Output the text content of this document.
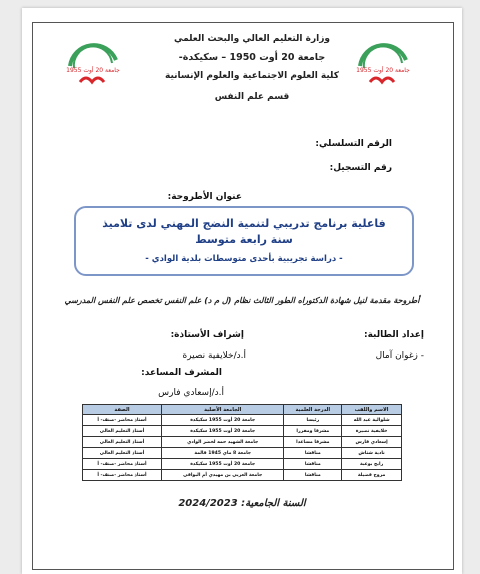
جامعة 20 أوت 1955	جامعة 20 أوت 1955
وزارة التعليم العالي والبحث العلمي
جامعة 20 أوت 1950 – سكيكدة-
كلية العلوم الاجتماعية والعلوم الإنسانية
قسم علم النفس
الرقم التسلسلي:
رقم التسجيل:
عنوان الأطروحة:
فاعلية برنامج تدريبي لتنمية النضج المهني لدى تلاميذ سنة رابعة متوسط
- دراسة تجريبية بأحدى متوسطات بلدية الوادي -
أطروحة مقدمة لنيل شهادة الدكتوراه الطور الثالث نظام (ل م د) علم النفس تخصص علم النفس المدرسي
إعداد الطالبة:
- زغوان آمال
إشراف الأستاذة:
أ.د/خلايفية نصيرة
المشرف المساعد:
أ.د/إسعادي فارس
الاسم واللقب	الدرجة العلمية	الجامعة الأصلية	الصفة
شلوالية عبد الله	رئيسا	جامعة 20 أوت 1955 سكيكدة	أستاذ محاضر -صنف- أ
خلايفية نصيرة	مشرفا ومقررا	جامعة 20 أوت 1955 سكيكدة	أستاذ التعليم العالي
إسعادي فارس	مشرفا مساعدا	جامعة الشهيد حمه لخضر الوادي	أستاذ التعليم العالي
نادية شتاش	مناقشا	جامعة 8 ماي 1945 قالمة	أستاذ التعليم العالي
رابح بوعبة	مناقشا	جامعة 20 أوت 1955 سكيكدة	أستاذ محاضر -صنف- أ
مروج فضيلة	مناقشا	جامعة العربي بن مهيدي أم البواقي	أستاذ محاضر -صنف- أ
السنة الجامعية: 2024/2023
